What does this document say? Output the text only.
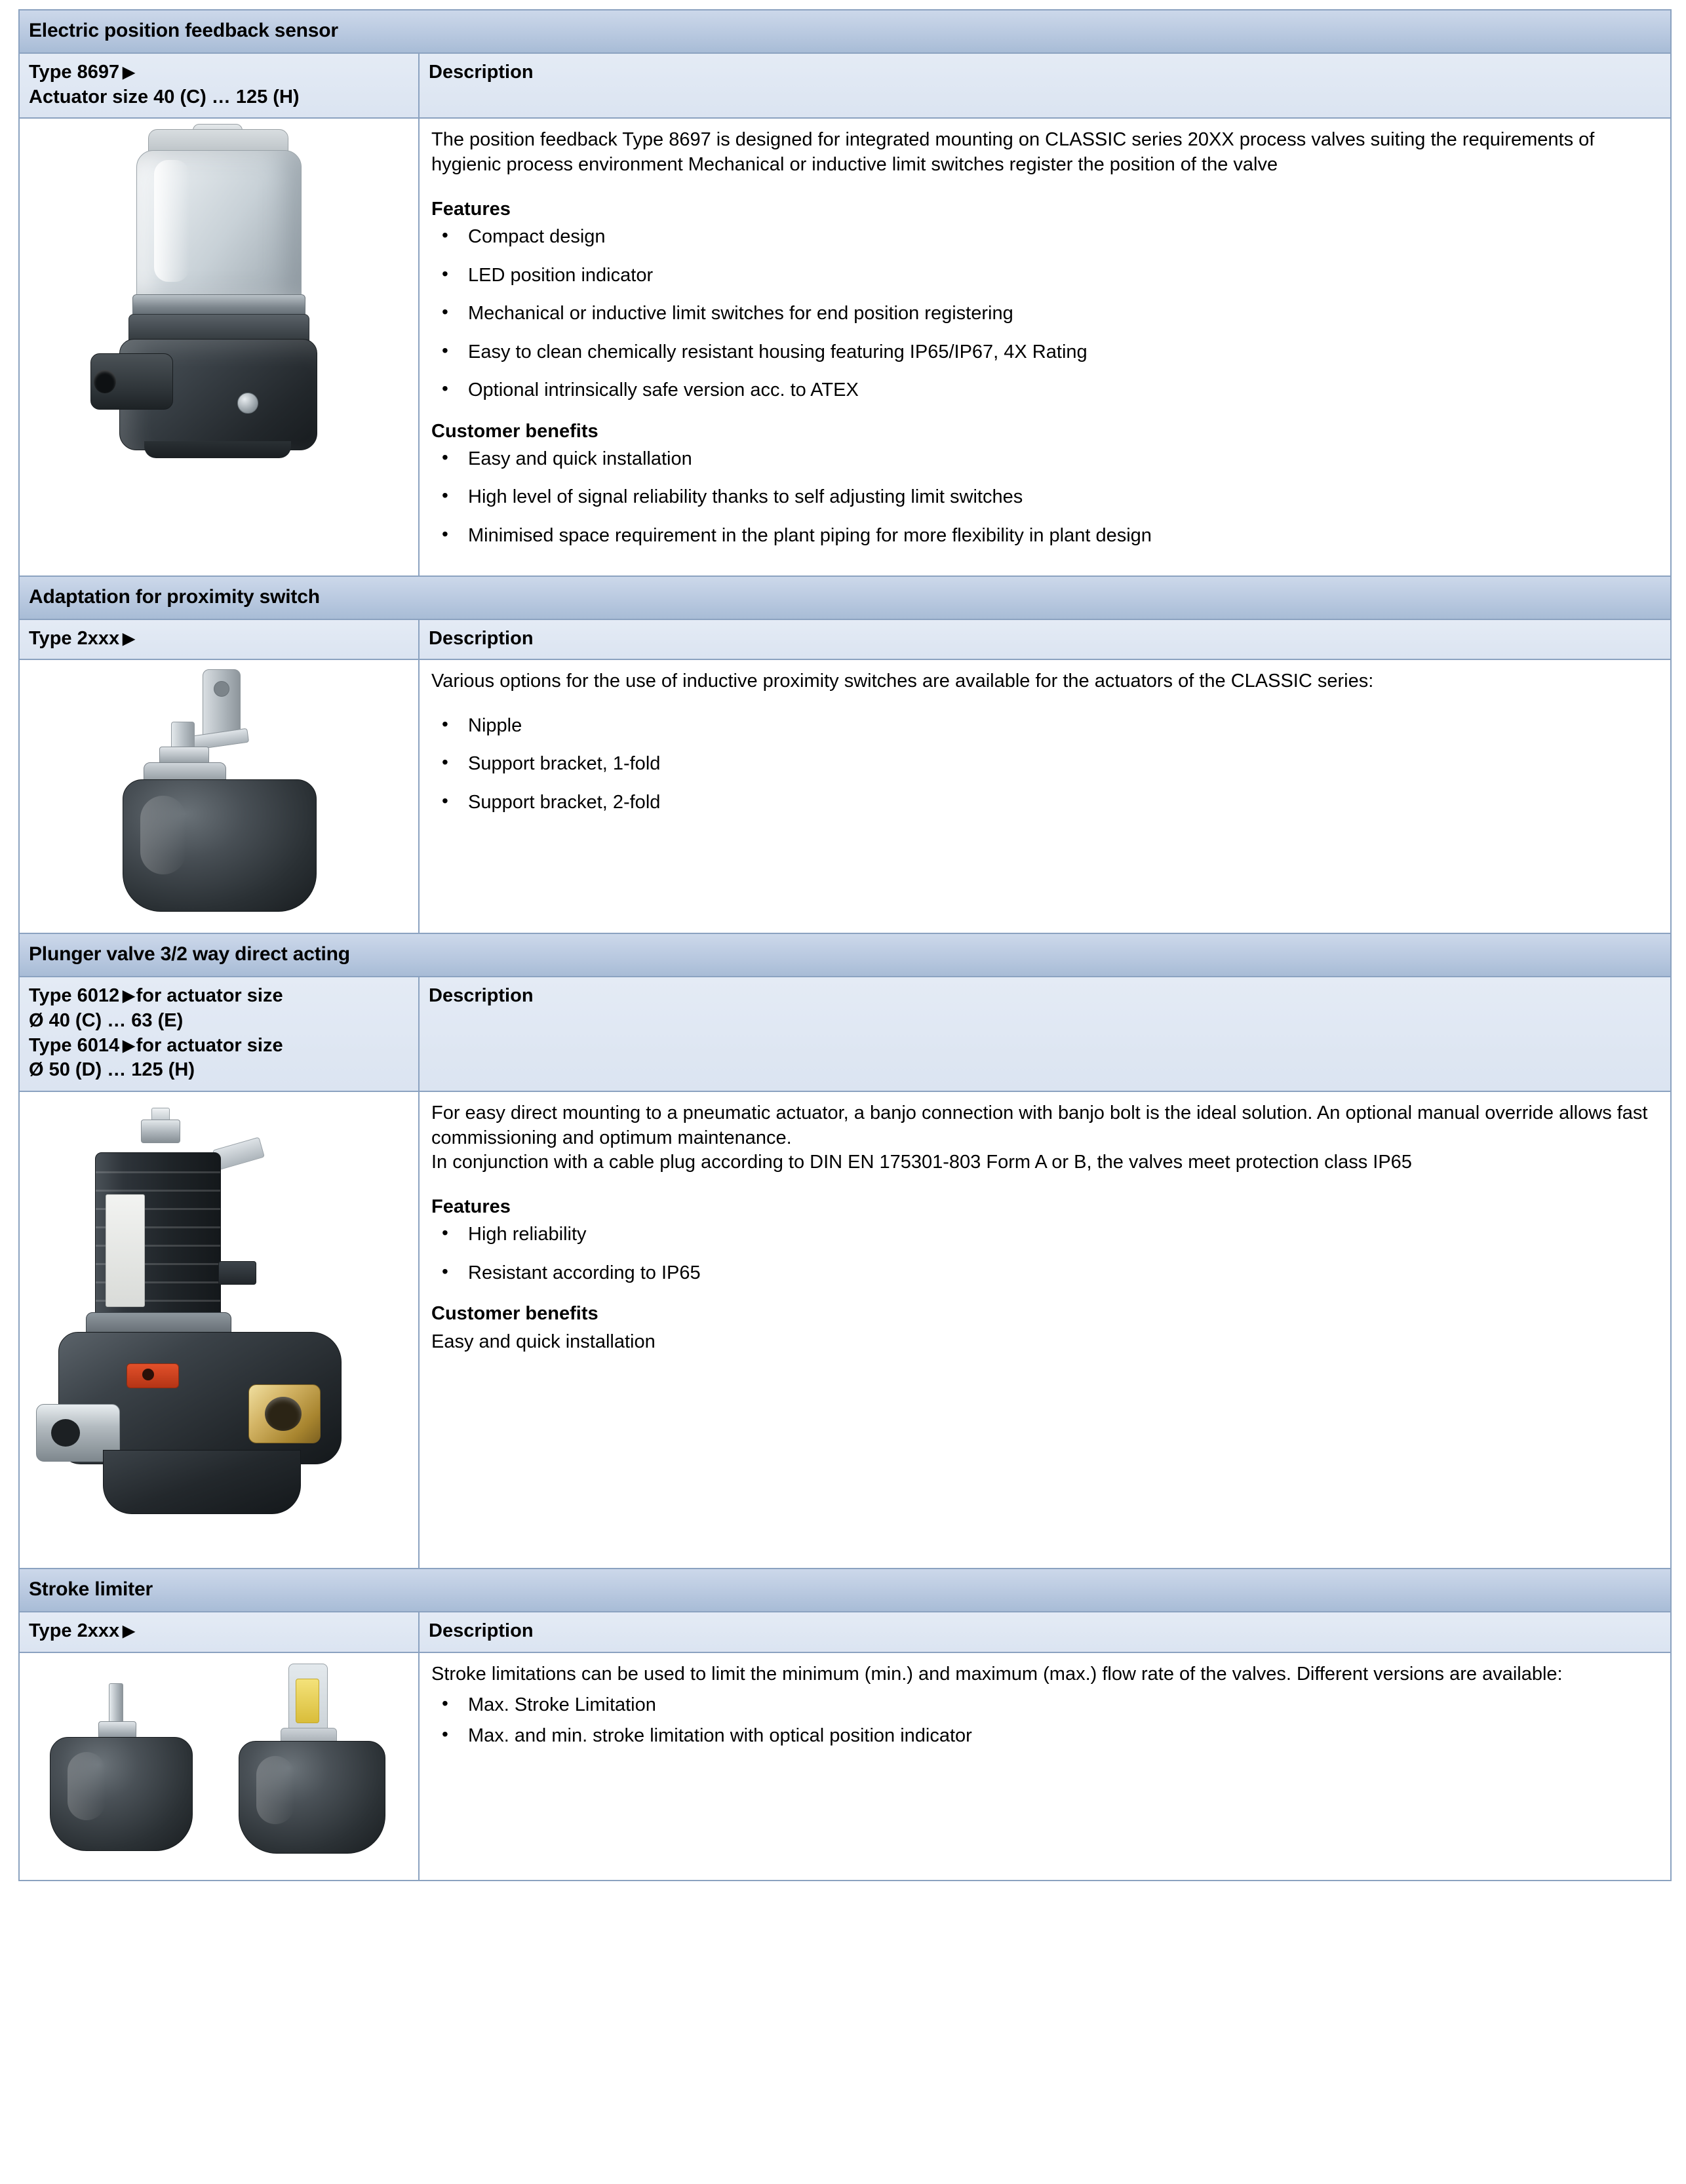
Electric position feedback sensor	

Type 8697 ▶
Actuator size 40 (C) … 125 (H)	Description

The position feedback Type 8697 is designed for integrated mounting on CLASSIC series 20XX process valves suiting the requirements of hygienic process environment Mechanical or inductive limit switches register the position of the valve

Features
• Compact design
• LED position indicator
• Mechanical or inductive limit switches for end position registering
• Easy to clean chemically resistant housing featuring IP65/IP67, 4X Rating
• Optional intrinsically safe version acc. to ATEX
Customer benefits
• Easy and quick installation
• High level of signal reliability thanks to self adjusting limit switches
• Minimised space requirement in the plant piping for more flexibility in plant design

Adaptation for proximity switch	

Type 2xxx ▶	Description

Various options for the use of inductive proximity switches are available for the actuators of the CLASSIC series:

• Nipple
• Support bracket, 1-fold
• Support bracket, 2-fold

Plunger valve 3/2 way direct acting	

Type 6012 ▶for actuator size
Ø 40 (C) … 63 (E)
Type 6014 ▶for actuator size
Ø 50 (D) … 125 (H)	Description

For easy direct mounting to a pneumatic actuator, a banjo connection with banjo bolt is the ideal solution. An optional manual override allows fast commissioning and optimum maintenance.

In conjunction with a cable plug according to DIN EN 175301-803 Form A or B, the valves meet protection class IP65

Features
• High reliability
• Resistant according to IP65
Customer benefits

Easy and quick installation

Stroke limiter	

Type 2xxx ▶	Description

Stroke limitations can be used to limit the minimum (min.) and maximum (max.) flow rate of the valves. Different versions are available:

• Max. Stroke Limitation
• Max. and min. stroke limitation with optical position indicator
